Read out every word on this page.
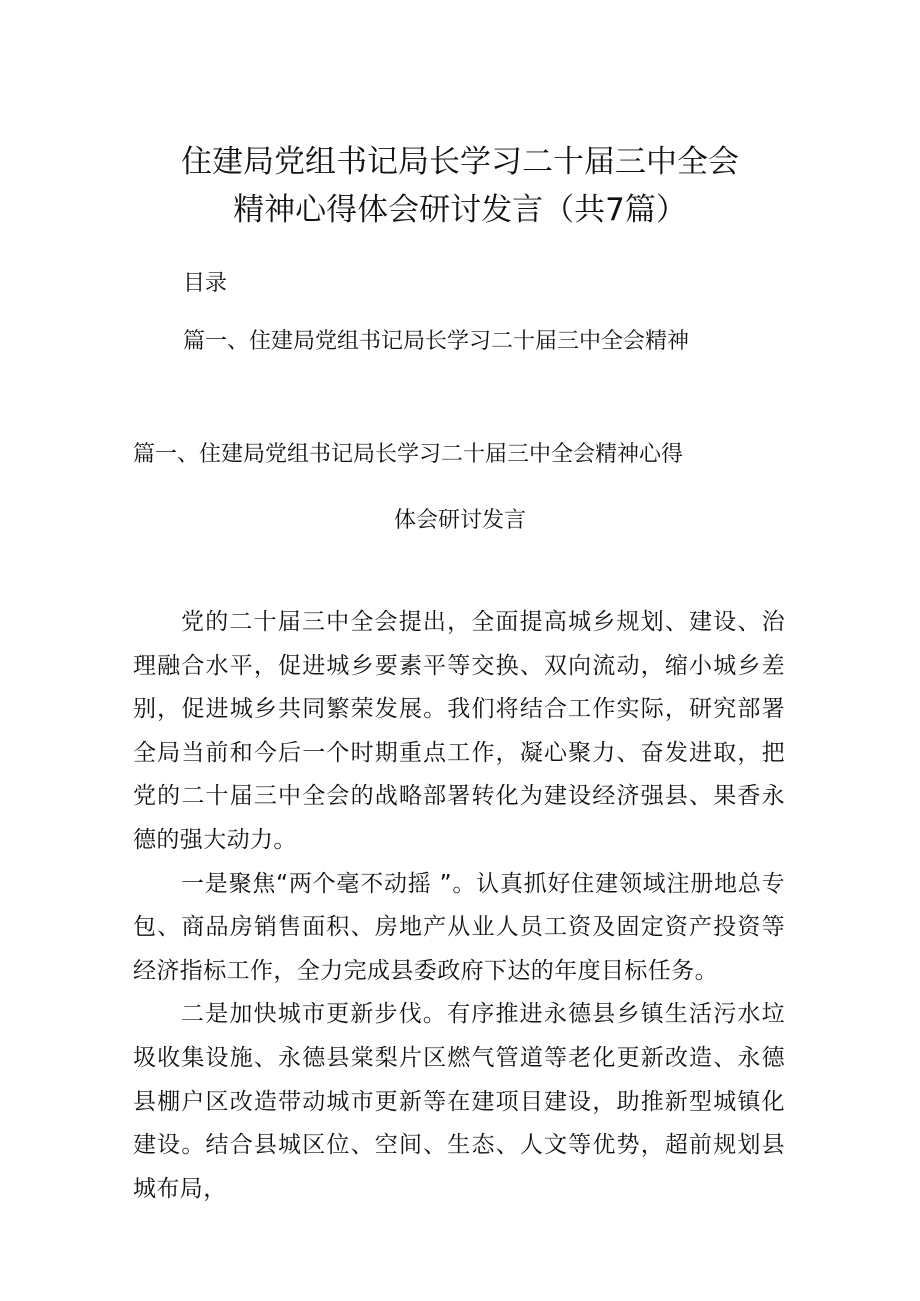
住建局党组书记局长学习二十届三中全会
精神心得体会研讨发言（共7篇）
目录
篇一、住建局党组书记局长学习二十届三中全会精神
篇一、住建局党组书记局长学习二十届三中全会精神心得
体会研讨发言

党的二十届三中全会提出，全面提高城乡规划、建设、治理融合水平，促进城乡要素平等交换、双向流动，缩小城乡差别，促进城乡共同繁荣发展。我们将结合工作实际，研究部署全局当前和今后一个时期重点工作，凝心聚力、奋发进取，把党的二十届三中全会的战略部署转化为建设经济强县、果香永德的强大动力。

一是聚焦“两个毫不动摇 ”。认真抓好住建领域注册地总专包、商品房销售面积、房地产从业人员工资及固定资产投资等经济指标工作，全力完成县委政府下达的年度目标任务。

二是加快城市更新步伐。有序推进永德县乡镇生活污水垃圾收集设施、永德县棠梨片区燃气管道等老化更新改造、永德县棚户区改造带动城市更新等在建项目建设，助推新型城镇化建设。结合县城区位、空间、生态、人文等优势，超前规划县城布局，
